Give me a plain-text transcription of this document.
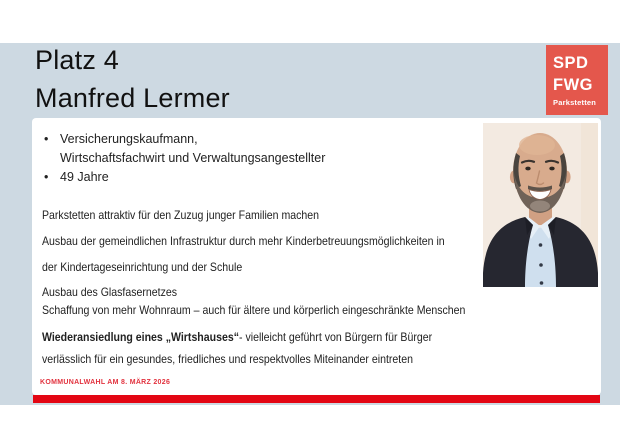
Platz 4
Manfred Lermer
SPD
FWG
Parkstetten
• Versicherungskaufmann,
Wirtschaftsfachwirt und Verwaltungsangestellter
• 49 Jahre
Parkstetten attraktiv für den Zuzug junger Familien machen
Ausbau der gemeindlichen Infrastruktur durch mehr Kinderbetreuungsmöglichkeiten in
der Kindertageseinrichtung und der Schule
Ausbau des Glasfasernetzes
Schaffung von mehr Wohnraum – auch für ältere und körperlich eingeschränkte Menschen
Wiederansiedlung eines „Wirtshauses“- vielleicht geführt von Bürgern für Bürger
verlässlich für ein gesundes, friedliches und respektvolles Miteinander eintreten
KOMMUNALWAHL AM 8. MÄRZ 2026
